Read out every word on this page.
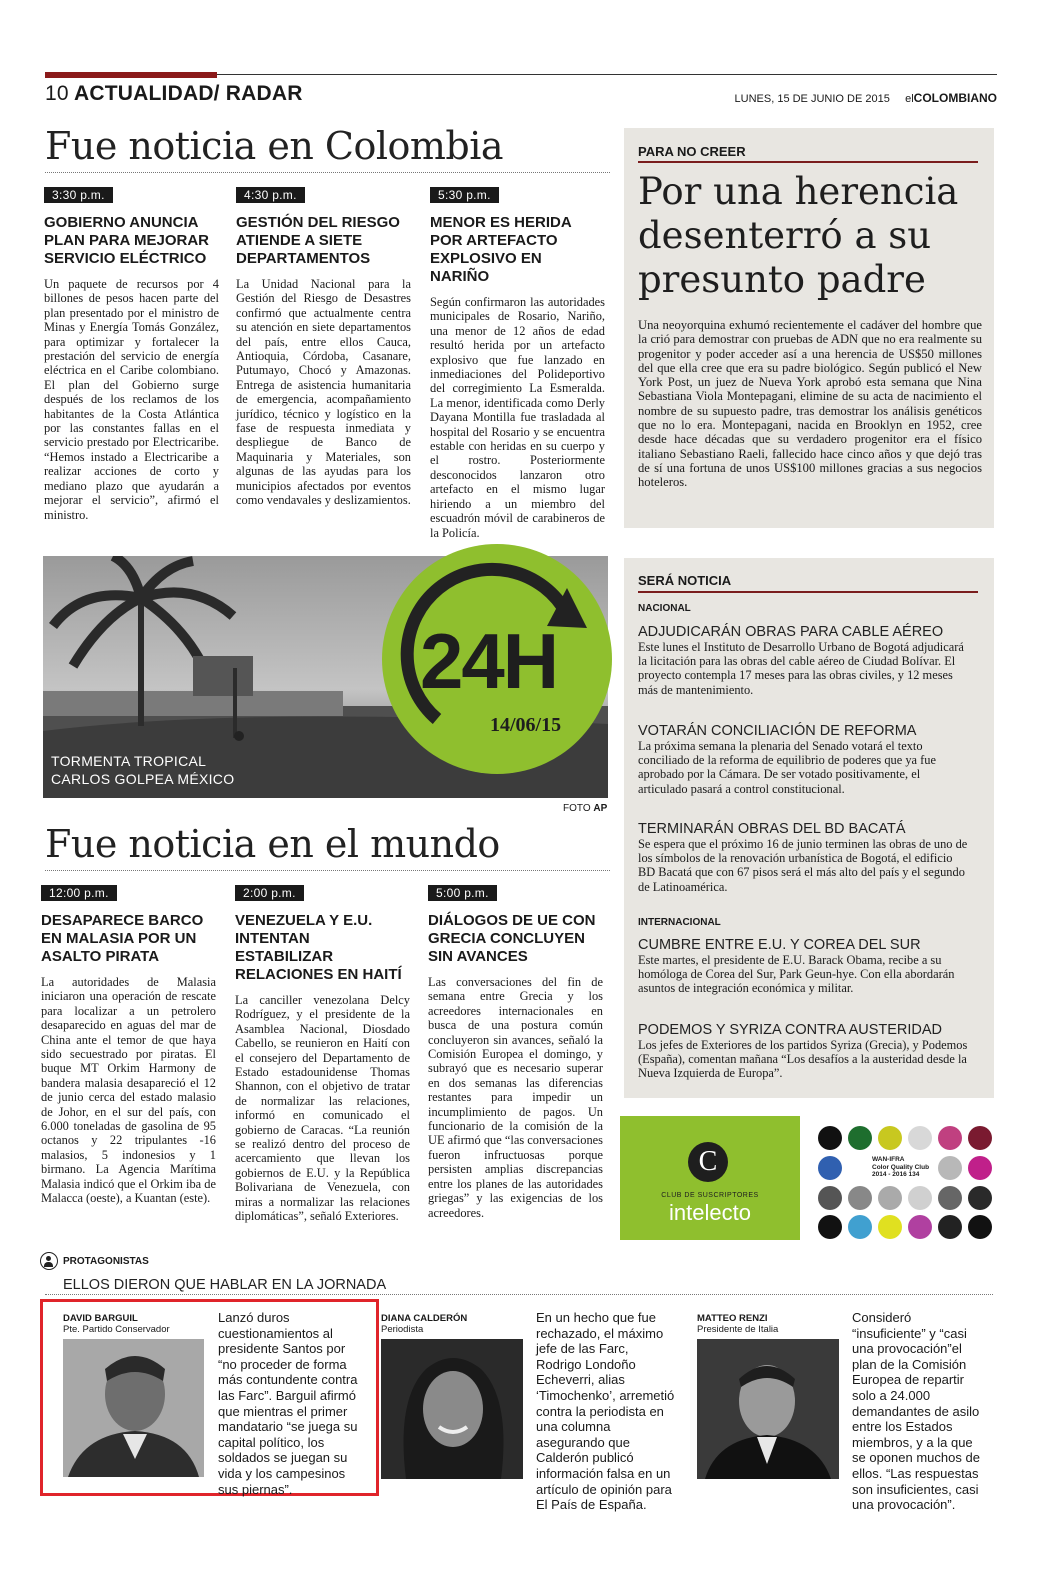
10 ACTUALIDAD/ RADAR	LUNES, 15 DE JUNIO DE 2015 elCOLOMBIANO
Fue noticia en Colombia
3:30 p.m.
GOBIERNO ANUNCIA PLAN PARA MEJORAR SERVICIO ELÉCTRICO
Un paquete de recursos por 4 billones de pesos hacen parte del plan presentado por el ministro de Minas y Energía Tomás González, para optimizar y fortalecer la prestación del servicio de energía eléctrica en el Caribe colombiano. El plan del Gobierno surge después de los reclamos de los habitantes de la Costa Atlántica por las constantes fallas en el servicio prestado por Electricaribe. “Hemos instado a Electricaribe a realizar acciones de corto y mediano plazo que ayudarán a mejorar el servicio”, afirmó el ministro.
4:30 p.m.
GESTIÓN DEL RIESGO ATIENDE A SIETE DEPARTAMENTOS
La Unidad Nacional para la Gestión del Riesgo de Desastres confirmó que actualmente centra su atención en siete departamentos del país, entre ellos Cauca, Antioquia, Córdoba, Casanare, Putumayo, Chocó y Amazonas. Entrega de asistencia humanitaria de emergencia, acompañamiento jurídico, técnico y logístico en la fase de respuesta inmediata y despliegue de Banco de Maquinaria y Materiales, son algunas de las ayudas para los municipios afectados por eventos como vendavales y deslizamientos.
5:30 p.m.
MENOR ES HERIDA POR ARTEFACTO EXPLOSIVO EN NARIÑO
Según confirmaron las autoridades municipales de Rosario, Nariño, una menor de 12 años de edad resultó herida por un artefacto explosivo que fue lanzado en inmediaciones del Polideportivo del corregimiento La Esmeralda. La menor, identificada como Derly Dayana Montilla fue trasladada al hospital del Rosario y se encuentra estable con heridas en su cuerpo y el rostro. Posteriormente desconocidos lanzaron otro artefacto en el mismo lugar hiriendo a un miembro del escuadrón móvil de carabineros de la Policía.
PARA NO CREER
Por una herencia desenterró a su presunto padre
Una neoyorquina exhumó recientemente el cadáver del hombre que la crió para demostrar con pruebas de ADN que no era realmente su progenitor y poder acceder así a una herencia de US$50 millones del que ella cree que era su padre biológico. Según publicó el New York Post, un juez de Nueva York aprobó esta semana que Nina Sebastiana Viola Montepagani, elimine de su acta de nacimiento el nombre de su supuesto padre, tras demostrar los análisis genéticos que no lo era. Montepagani, nacida en Brooklyn en 1952, cree desde hace décadas que su verdadero progenitor era el físico italiano Sebastiano Raeli, fallecido hace cinco años y que dejó tras de sí una fortuna de unos US$100 millones gracias a sus negocios hoteleros.
TORMENTA TROPICAL
CARLOS GOLPEA MÉXICO
24H
14/06/15
FOTO AP
SERÁ NOTICIA
NACIONAL
ADJUDICARÁN OBRAS PARA CABLE AÉREO
Este lunes el Instituto de Desarrollo Urbano de Bogotá adjudicará la licitación para las obras del cable aéreo de Ciudad Bolívar. El proyecto contempla 17 meses para las obras civiles, y 12 meses más de mantenimiento.
VOTARÁN CONCILIACIÓN DE REFORMA
La próxima semana la plenaria del Senado votará el texto conciliado de la reforma de equilibrio de poderes que ya fue aprobado por la Cámara. De ser votado positivamente, el articulado pasará a control constitucional.
TERMINARÁN OBRAS DEL BD BACATÁ
Se espera que el próximo 16 de junio terminen las obras de uno de los símbolos de la renovación urbanística de Bogotá, el edificio BD Bacatá que con 67 pisos será el más alto del país y el segundo de Latinoamérica.
INTERNACIONAL
CUMBRE ENTRE E.U. Y COREA DEL SUR
Este martes, el presidente de E.U. Barack Obama, recibe a su homóloga de Corea del Sur, Park Geun-hye. Con ella abordarán asuntos de integración económica y militar.
PODEMOS Y SYRIZA CONTRA AUSTERIDAD
Los jefes de Exteriores de los partidos Syriza (Grecia), y Podemos (España), comentan mañana “Los desafíos a la austeridad desde la Nueva Izquierda de Europa”.
Fue noticia en el mundo
12:00 p.m.
DESAPARECE BARCO EN MALASIA POR UN ASALTO PIRATA
La autoridades de Malasia iniciaron una operación de rescate para localizar a un petrolero desaparecido en aguas del mar de China ante el temor de que haya sido secuestrado por piratas. El buque MT Orkim Harmony de bandera malasia desapareció el 12 de junio cerca del estado malasio de Johor, en el sur del país, con 6.000 toneladas de gasolina de 95 octanos y 22 tripulantes -16 malasios, 5 indonesios y 1 birmano. La Agencia Marítima Malasia indicó que el Orkim iba de Malacca (oeste), a Kuantan (este).
2:00 p.m.
VENEZUELA Y E.U. INTENTAN ESTABILIZAR RELACIONES EN HAITÍ
La canciller venezolana Delcy Rodríguez, y el presidente de la Asamblea Nacional, Diosdado Cabello, se reunieron en Haití con el consejero del Departamento de Estado estadounidense Thomas Shannon, con el objetivo de tratar de normalizar las relaciones, informó en comunicado el gobierno de Caracas. “La reunión se realizó dentro del proceso de acercamiento que llevan los gobiernos de E.U. y la República Bolivariana de Venezuela, con miras a normalizar las relaciones diplomáticas”, señaló Exteriores.
5:00 p.m.
DIÁLOGOS DE UE CON GRECIA CONCLUYEN SIN AVANCES
Las conversaciones del fin de semana entre Grecia y los acreedores internacionales en busca de una postura común concluyeron sin avances, señaló la Comisión Europea el domingo, y subrayó que es necesario superar en dos semanas las diferencias restantes para impedir un incumplimiento de pagos. Un funcionario de la comisión de la UE afirmó que “las conversaciones fueron infructuosas porque persisten amplias discrepancias entre los planes de las autoridades griegas” y las exigencias de los acreedores.
C
CLUB DE SUSCRIPTORES
intelecto
WAN-IFRA
Color Quality Club
2014 - 2016 134
PROTAGONISTAS
ELLOS DIERON QUE HABLAR EN LA JORNADA
DAVID BARGUIL
Pte. Partido Conservador
Lanzó duros cuestionamientos al presidente Santos por “no proceder de forma más contundente contra las Farc”. Barguil afirmó que mientras el primer mandatario “se juega su capital político, los soldados se juegan su vida y los campesinos sus piernas”.
DIANA CALDERÓN
Periodista
En un hecho que fue rechazado, el máximo jefe de las Farc, Rodrigo Londoño Echeverri, alias ‘Timochenko’, arremetió contra la periodista en una columna asegurando que Calderón publicó información falsa en un artículo de opinión para El País de España.
MATTEO RENZI
Presidente de Italia
Consideró “insuficiente” y “casi una provocación”el plan de la Comisión Europea de repartir solo a 24.000 demandantes de asilo entre los Estados miembros, y a la que se oponen muchos de ellos. “Las respuestas son insuficientes, casi una provocación”.
